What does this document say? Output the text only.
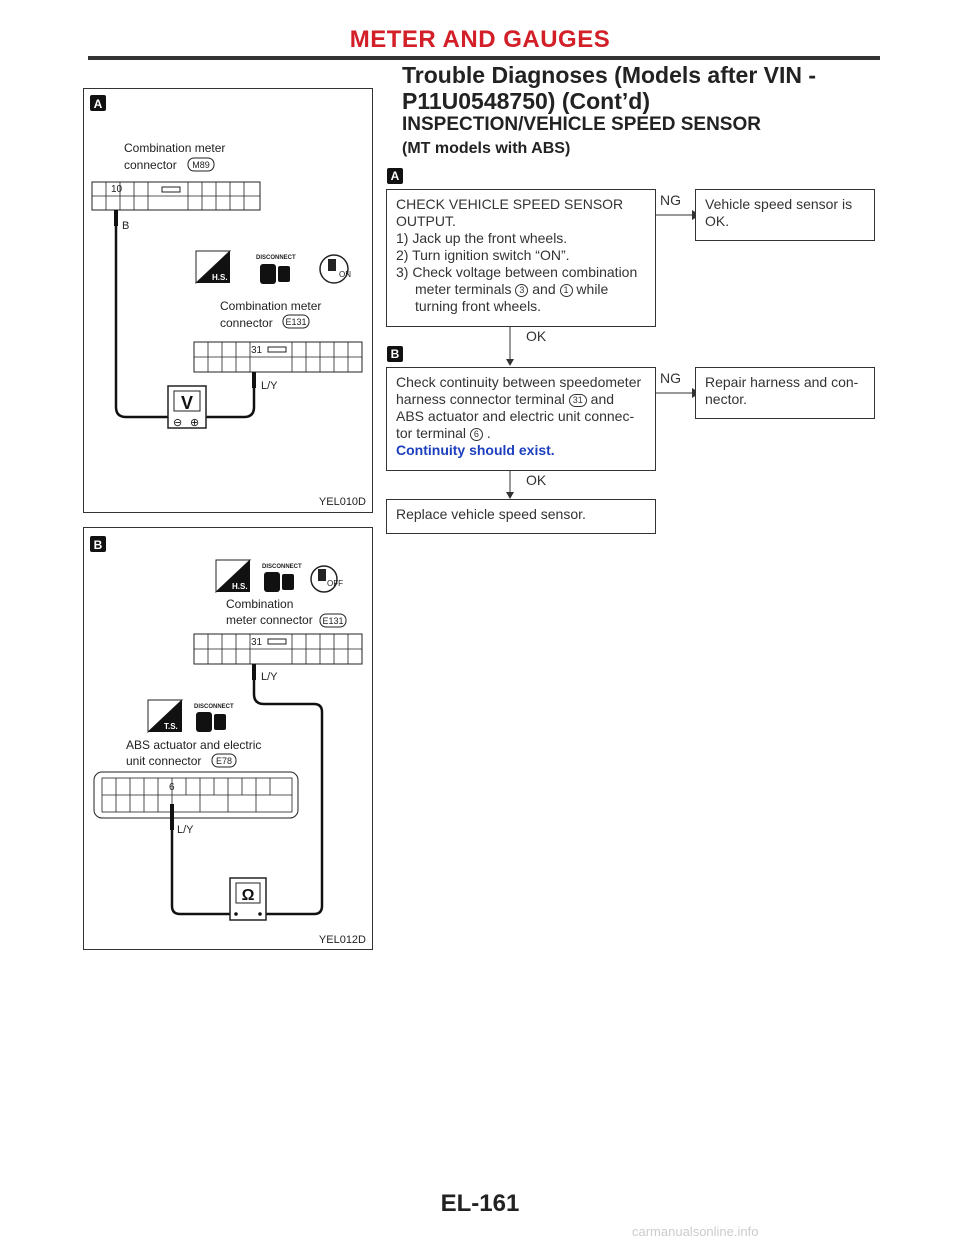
METER AND GAUGES
Trouble Diagnoses (Models after VIN -
P11U0548750) (Cont’d)
A
Combination meter
connector M89
10
B
H.S.
DISCONNECT
ON
Combination meter
connector E131
31
L/Y
V
⊖ ⊕
YEL010D
B
H.S.
DISCONNECT
OFF
Combination
meter connector E131
31
L/Y
T.S.
DISCONNECT
ABS actuator and electric
unit connector E78
6
L/Y
Ω
YEL012D
INSPECTION/VEHICLE SPEED SENSOR
(MT models with ABS)
A
CHECK VEHICLE SPEED SENSOR
OUTPUT.
1) Jack up the front wheels.
2) Turn ignition switch “ON”.
3) Check voltage between combination
meter terminals 3 and 1 while
turning front wheels.
NG Vehicle speed sensor is
OK.
OK
B
Check continuity between speedometer
harness connector terminal 31 and
ABS actuator and electric unit connec-
tor terminal 6 .
Continuity should exist.
NG Repair harness and con-
nector.
OK
Replace vehicle speed sensor.
EL-161
carmanualsonline.info
